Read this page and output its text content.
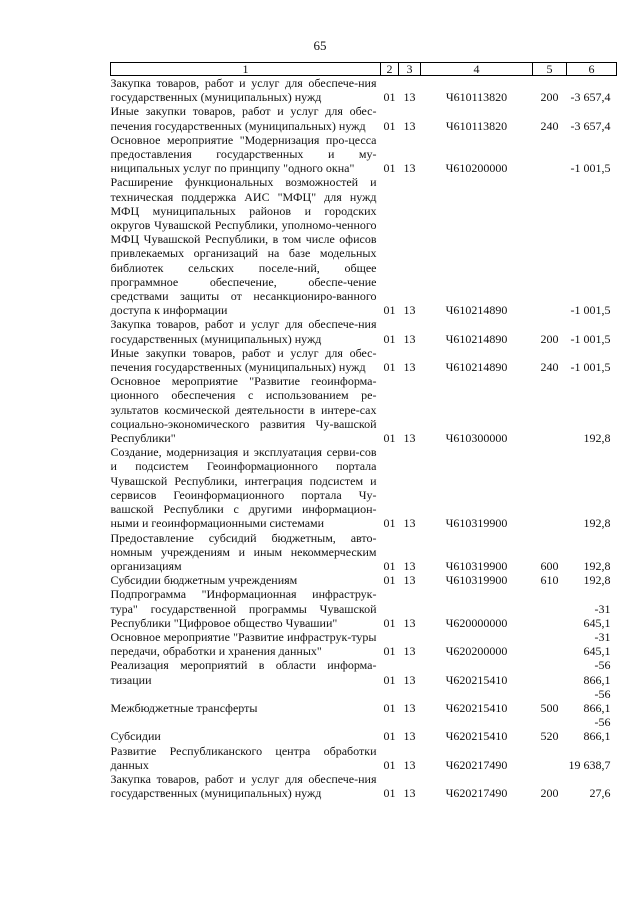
65
1	2	3	4	5	6
Закупка товаров, работ и услуг для обеспече-ния государственных (муниципальных) нужд	01	13	Ч610113820	200	-3 657,4
Иные закупки товаров, работ и услуг для обес-печения государственных (муниципальных) нужд	01	13	Ч610113820	240	-3 657,4
Основное мероприятие "Модернизация про-цесса предоставления государственных и му-ниципальных услуг по принципу "одного окна"	01	13	Ч610200000		-1 001,5
Расширение функциональных возможностей и техническая поддержка АИС "МФЦ" для нужд МФЦ муниципальных районов и городских округов Чувашской Республики, уполномо-ченного МФЦ Чувашской Республики, в том числе офисов привлекаемых организаций на базе модельных библиотек сельских поселе-ний, общее программное обеспечение, обеспе-чение средствами защиты от несанкциониро-ванного доступа к информации	01	13	Ч610214890		-1 001,5
Закупка товаров, работ и услуг для обеспече-ния государственных (муниципальных) нужд	01	13	Ч610214890	200	-1 001,5
Иные закупки товаров, работ и услуг для обес-печения государственных (муниципальных) нужд	01	13	Ч610214890	240	-1 001,5
Основное мероприятие "Развитие геоинформа-ционного обеспечения с использованием ре-зультатов космической деятельности в интере-сах социально-экономического развития Чу-вашской Республики"	01	13	Ч610300000		192,8
Создание, модернизация и эксплуатация серви-сов и подсистем Геоинформационного портала Чувашской Республики, интеграция подсистем и сервисов Геоинформационного портала Чу-вашской Республики с другими информацион-ными и геоинформационными системами	01	13	Ч610319900		192,8
Предоставление субсидий бюджетным, авто-номным учреждениям и иным некоммерческим организациям	01	13	Ч610319900	600	192,8
Субсидии бюджетным учреждениям	01	13	Ч610319900	610	192,8
Подпрограмма "Информационная инфраструк-тура" государственной программы Чувашской Республики "Цифровое общество Чувашии"	01	13	Ч620000000		-31 645,1
Основное мероприятие "Развитие инфраструк-туры передачи, обработки и хранения данных"	01	13	Ч620200000		-31 645,1
Реализация мероприятий в области информа-тизации	01	13	Ч620215410		-56 866,1
Межбюджетные трансферты	01	13	Ч620215410	500	-56 866,1
Субсидии	01	13	Ч620215410	520	-56 866,1
Развитие Республиканского центра обработки данных	01	13	Ч620217490		19 638,7
Закупка товаров, работ и услуг для обеспече-ния государственных (муниципальных) нужд	01	13	Ч620217490	200	27,6
